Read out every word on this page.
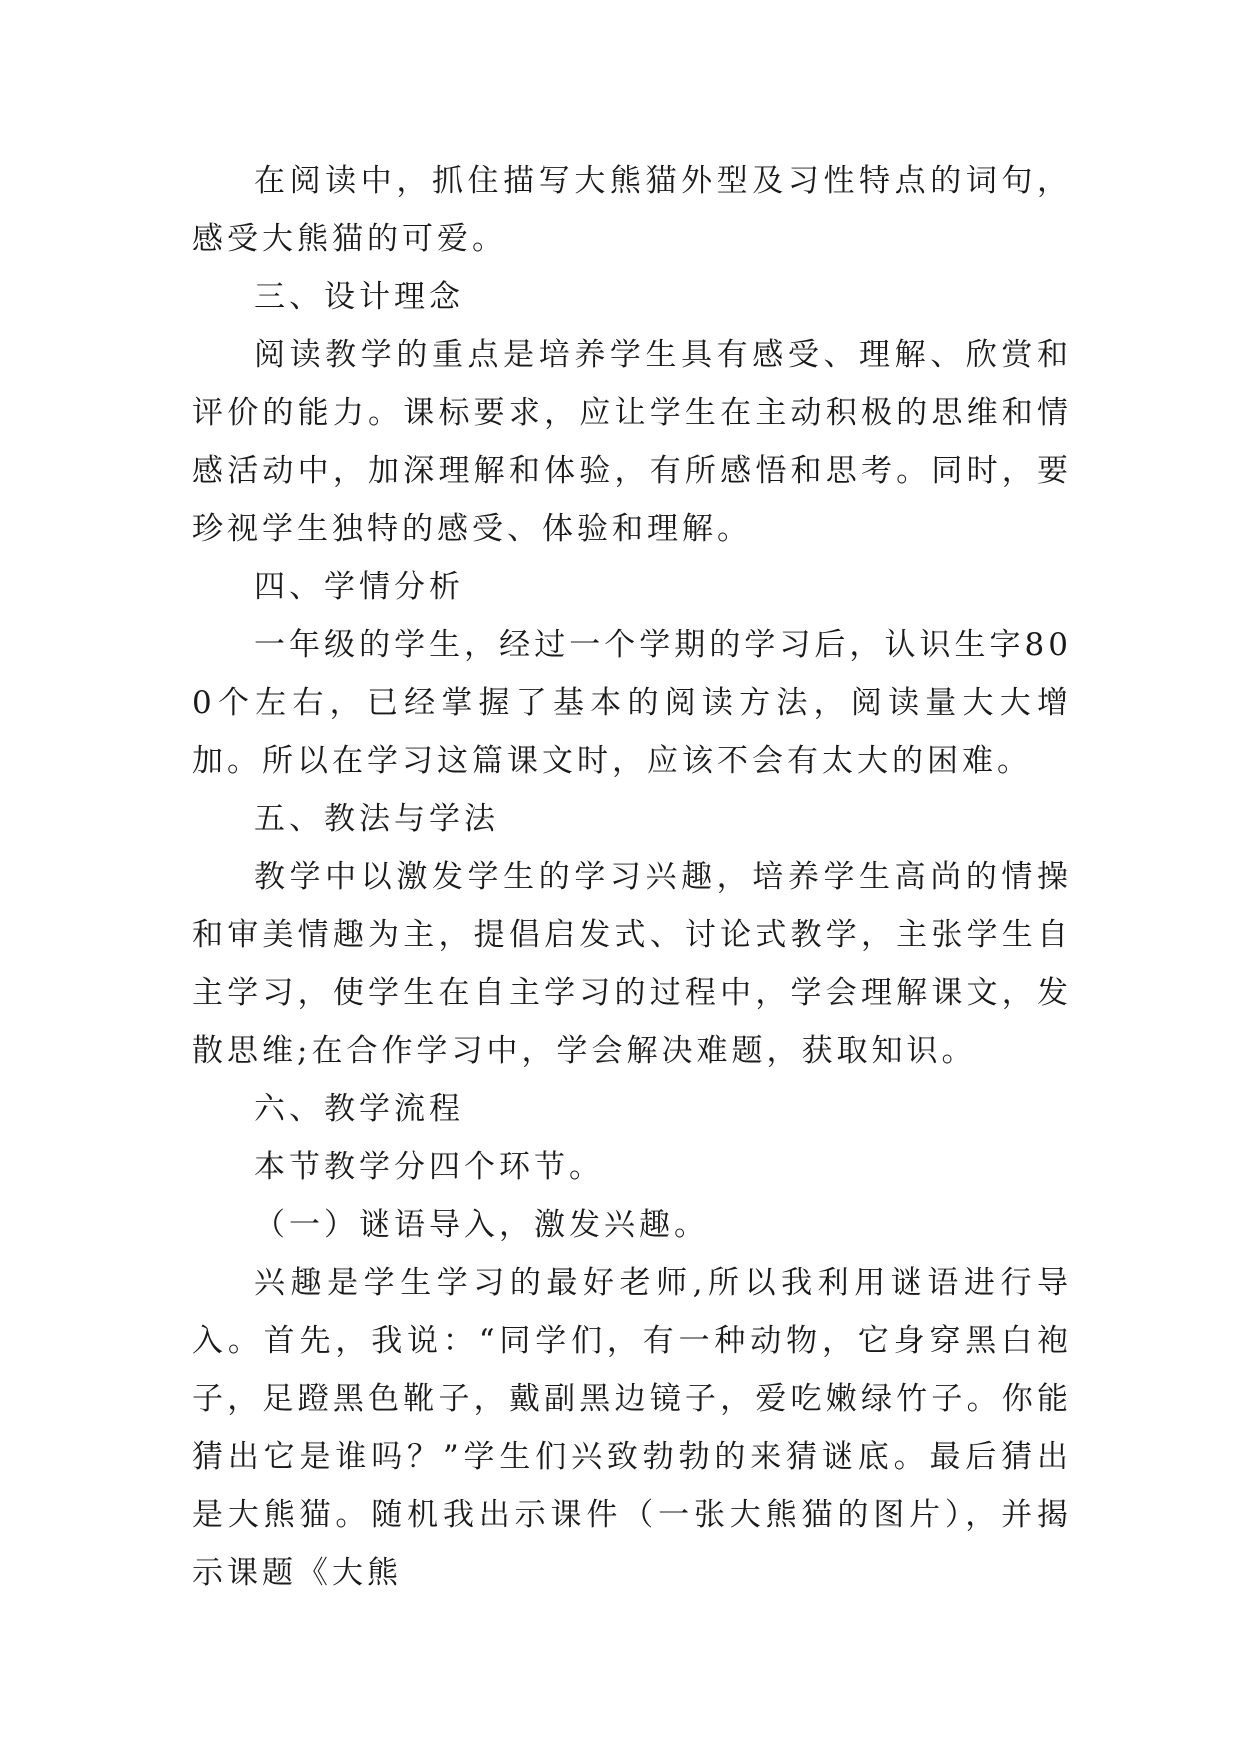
在阅读中，抓住描写大熊猫外型及习性特点的词句，感受大熊猫的可爱。

三、设计理念

阅读教学的重点是培养学生具有感受、理解、欣赏和评价的能力。课标要求，应让学生在主动积极的思维和情感活动中，加深理解和体验，有所感悟和思考。同时，要珍视学生独特的感受、体验和理解。

四、学情分析

一年级的学生，经过一个学期的学习后，认识生字800个左右，已经掌握了基本的阅读方法，阅读量大大增加。所以在学习这篇课文时，应该不会有太大的困难。

五、教法与学法

教学中以激发学生的学习兴趣，培养学生高尚的情操和审美情趣为主，提倡启发式、讨论式教学，主张学生自主学习，使学生在自主学习的过程中，学会理解课文，发散思维;在合作学习中，学会解决难题，获取知识。

六、教学流程

本节教学分四个环节。

（一）谜语导入，激发兴趣。

兴趣是学生学习的最好老师,所以我利用谜语进行导入。首先，我说：“同学们，有一种动物，它身穿黑白袍子，足蹬黑色靴子，戴副黑边镜子，爱吃嫩绿竹子。你能猜出它是谁吗？”学生们兴致勃勃的来猜谜底。最后猜出是大熊猫。随机我出示课件（一张大熊猫的图片），并揭示课题《大熊
